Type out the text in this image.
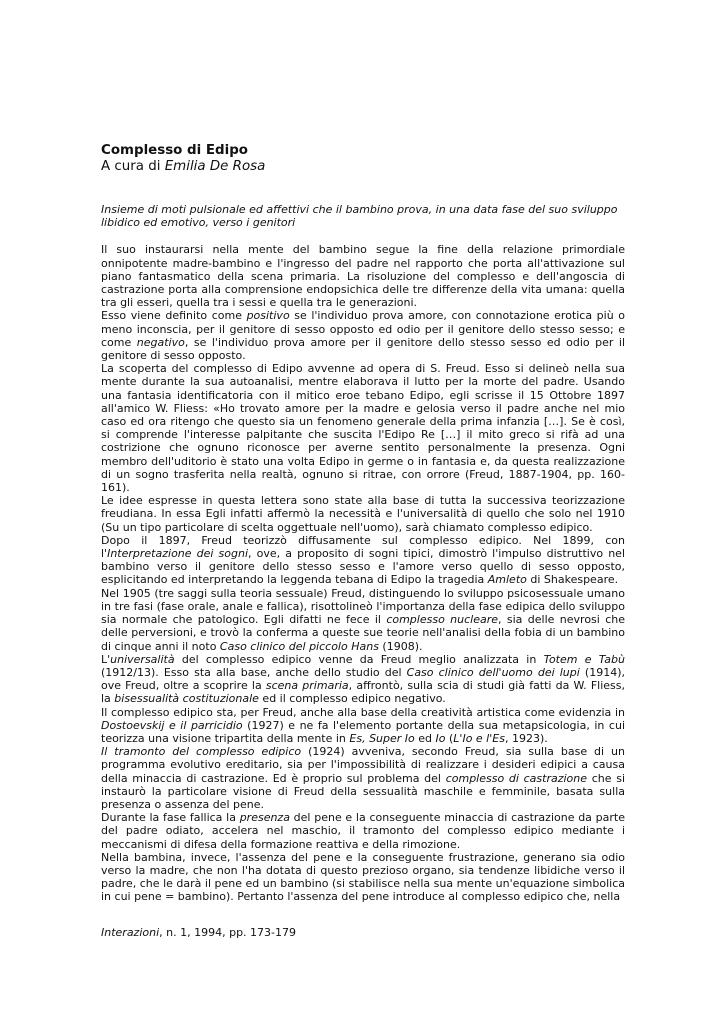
Complesso di Edipo

A cura di Emilia De Rosa

Insieme di moti pulsionale ed affettivi che il bambino prova, in una data fase del suo sviluppo libidico ed emotivo, verso i genitori

Il suo instaurarsi nella mente del bambino segue la fine della relazione primordiale onnipotente madre-bambino e l'ingresso del padre nel rapporto che porta all'attivazione sul piano fantasmatico della scena primaria. La risoluzione del complesso e dell'angoscia di castrazione porta alla comprensione endopsichica delle tre differenze della vita umana: quella tra gli esseri, quella tra i sessi e quella tra le generazioni.

Esso viene definito come positivo se l'individuo prova amore, con connotazione erotica più o meno inconscia, per il genitore di sesso opposto ed odio per il genitore dello stesso sesso; e come negativo, se l'individuo prova amore per il genitore dello stesso sesso ed odio per il genitore di sesso opposto.

La scoperta del complesso di Edipo avvenne ad opera di S. Freud. Esso si delineò nella sua mente durante la sua autoanalisi, mentre elaborava il lutto per la morte del padre. Usando una fantasia identificatoria con il mitico eroe tebano Edipo, egli scrisse il 15 Ottobre 1897 all'amico W. Fliess: «Ho trovato amore per la madre e gelosia verso il padre anche nel mio caso ed ora ritengo che questo sia un fenomeno generale della prima infanzia […]. Se è così, si comprende l'interesse palpitante che suscita l'Edipo Re […] il mito greco si rifà ad una costrizione che ognuno riconosce per averne sentito personalmente la presenza. Ogni membro dell'uditorio è stato una volta Edipo in germe o in fantasia e, da questa realizzazione di un sogno trasferita nella realtà, ognuno si ritrae, con orrore (Freud, 1887-1904, pp. 160-161).

Le idee espresse in questa lettera sono state alla base di tutta la successiva teorizzazione freudiana. In essa Egli infatti affermò la necessità e l'universalità di quello che solo nel 1910 (Su un tipo particolare di scelta oggettuale nell'uomo), sarà chiamato complesso edipico.

Dopo il 1897, Freud teorizzò diffusamente sul complesso edipico. Nel 1899, con l'Interpretazione dei sogni, ove, a proposito di sogni tipici, dimostrò l'impulso distruttivo nel bambino verso il genitore dello stesso sesso e l'amore verso quello di sesso opposto, esplicitando ed interpretando la leggenda tebana di Edipo la tragedia Amleto di Shakespeare.

Nel 1905 (tre saggi sulla teoria sessuale) Freud, distinguendo lo sviluppo psicosessuale umano in tre fasi (fase orale, anale e fallica), risottolineò l'importanza della fase edipica dello sviluppo sia normale che patologico. Egli difatti ne fece il complesso nucleare, sia delle nevrosi che delle perversioni, e trovò la conferma a queste sue teorie nell'analisi della fobia di un bambino di cinque anni il noto Caso clinico del piccolo Hans (1908).

L'universalità del complesso edipico venne da Freud meglio analizzata in Totem e Tabù (1912/13). Esso sta alla base, anche dello studio del Caso clinico dell'uomo dei lupi (1914), ove Freud, oltre a scoprire la scena primaria, affrontò, sulla scia di studi già fatti da W. Fliess, la bisessualità costituzionale ed il complesso edipico negativo.

Il complesso edipico sta, per Freud, anche alla base della creatività artistica come evidenzia in Dostoevskij e il parricidio (1927) e ne fa l'elemento portante della sua metapsicologia, in cui teorizza una visione tripartita della mente in Es, Super Io ed Io (L'Io e l'Es, 1923).

Il tramonto del complesso edipico (1924) avveniva, secondo Freud, sia sulla base di un programma evolutivo ereditario, sia per l'impossibilità di realizzare i desideri edipici a causa della minaccia di castrazione. Ed è proprio sul problema del complesso di castrazione che si instaurò la particolare visione di Freud della sessualità maschile e femminile, basata sulla presenza o assenza del pene.

Durante la fase fallica la presenza del pene e la conseguente minaccia di castrazione da parte del padre odiato, accelera nel maschio, il tramonto del complesso edipico mediante i meccanismi di difesa della formazione reattiva e della rimozione.

Nella bambina, invece, l'assenza del pene e la conseguente frustrazione, generano sia odio verso la madre, che non l'ha dotata di questo prezioso organo, sia tendenze libidiche verso il padre, che le darà il pene ed un bambino (si stabilisce nella sua mente un'equazione simbolica in cui pene = bambino). Pertanto l'assenza del pene introduce al complesso edipico che, nella

Interazioni, n. 1, 1994, pp. 173-179
